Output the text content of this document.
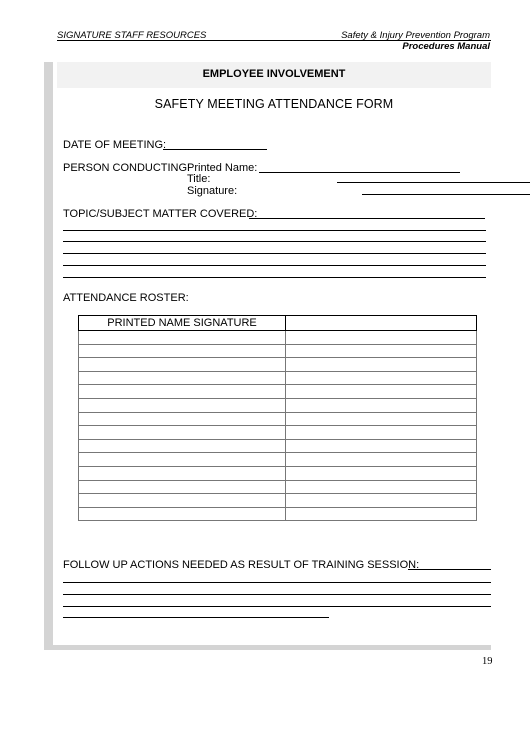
SIGNATURE STAFF RESOURCES	Safety & Injury Prevention Program
Procedures Manual
EMPLOYEE INVOLVEMENT
SAFETY MEETING ATTENDANCE FORM
DATE OF MEETING:
PERSON CONDUCTING:
Printed Name:
Title:
Signature:
TOPIC/SUBJECT MATTER COVERED:
ATTENDANCE ROSTER:
PRINTED NAME SIGNATURE	

FOLLOW UP ACTIONS NEEDED AS RESULT OF TRAINING SESSION:
19
